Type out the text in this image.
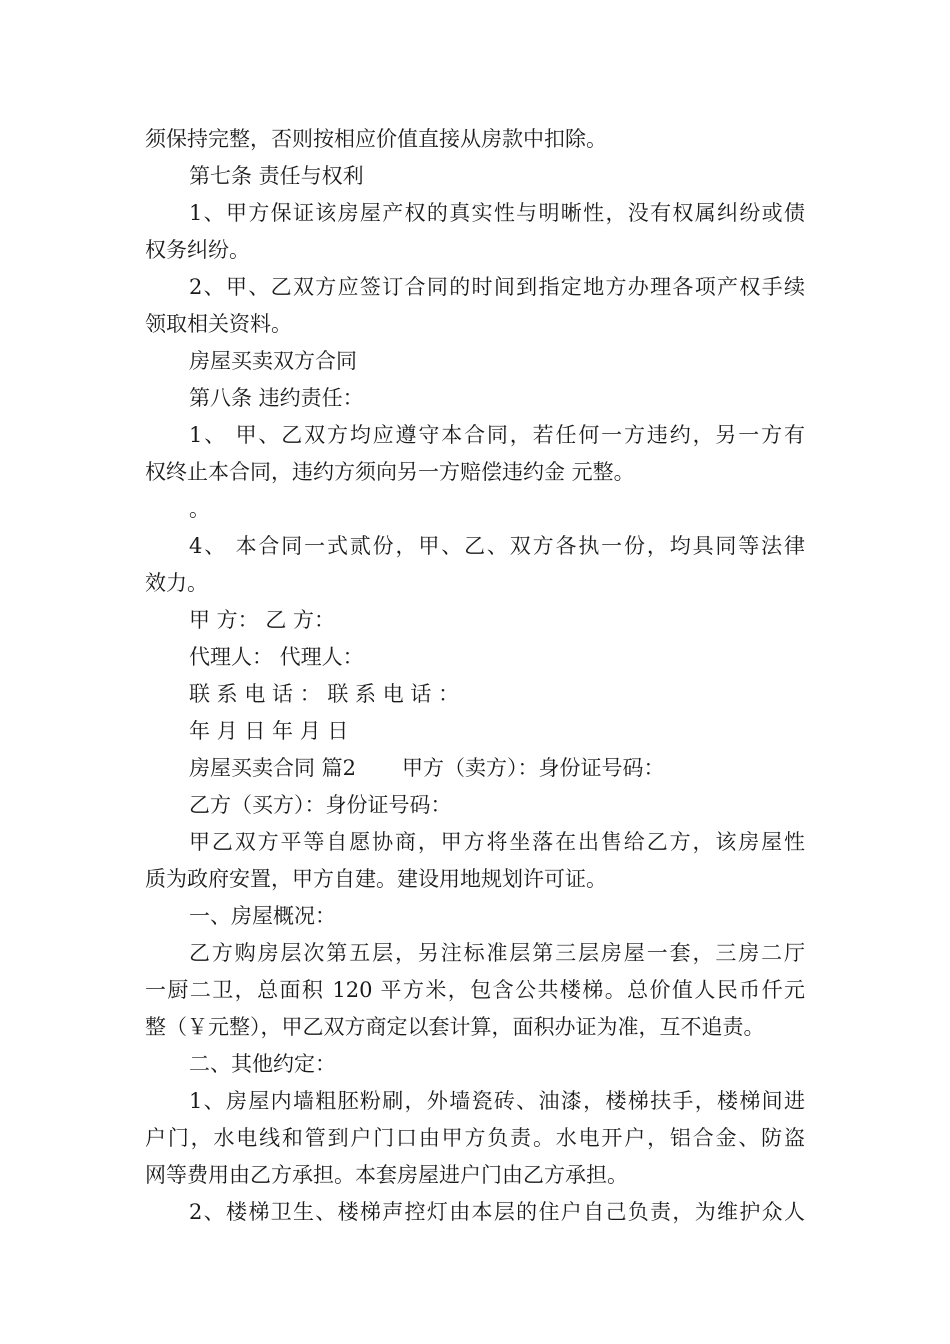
须保持完整，否则按相应价值直接从房款中扣除。
第七条 责任与权利
1、甲方保证该房屋产权的真实性与明晰性，没有权属纠纷或债
权务纠纷。
2、甲、乙双方应签订合同的时间到指定地方办理各项产权手续
领取相关资料。
房屋买卖双方合同
第八条 违约责任：
1、 甲、乙双方均应遵守本合同，若任何一方违约，另一方有
权终止本合同，违约方须向另一方赔偿违约金 元整。
。
4、 本合同一式贰份，甲、乙、双方各执一份，均具同等法律
效力。
甲 方： 乙 方：
代理人： 代理人：
联 系 电 话 ： 联 系 电 话 ：
年 月 日 年 月 日
房屋买卖合同 篇2 甲方（卖方）：身份证号码：
乙方（买方）：身份证号码：
甲乙双方平等自愿协商，甲方将坐落在出售给乙方，该房屋性
质为政府安置，甲方自建。建设用地规划许可证。
一、房屋概况：
乙方购房层次第五层，另注标准层第三层房屋一套，三房二厅
一厨二卫，总面积 120 平方米，包含公共楼梯。总价值人民币仟元
整（￥元整），甲乙双方商定以套计算，面积办证为准，互不追责。
二、其他约定：
1、房屋内墙粗胚粉刷，外墙瓷砖、油漆，楼梯扶手，楼梯间进
户门，水电线和管到户门口由甲方负责。水电开户，铝合金、防盗
网等费用由乙方承担。本套房屋进户门由乙方承担。
2、楼梯卫生、楼梯声控灯由本层的住户自己负责，为维护众人
